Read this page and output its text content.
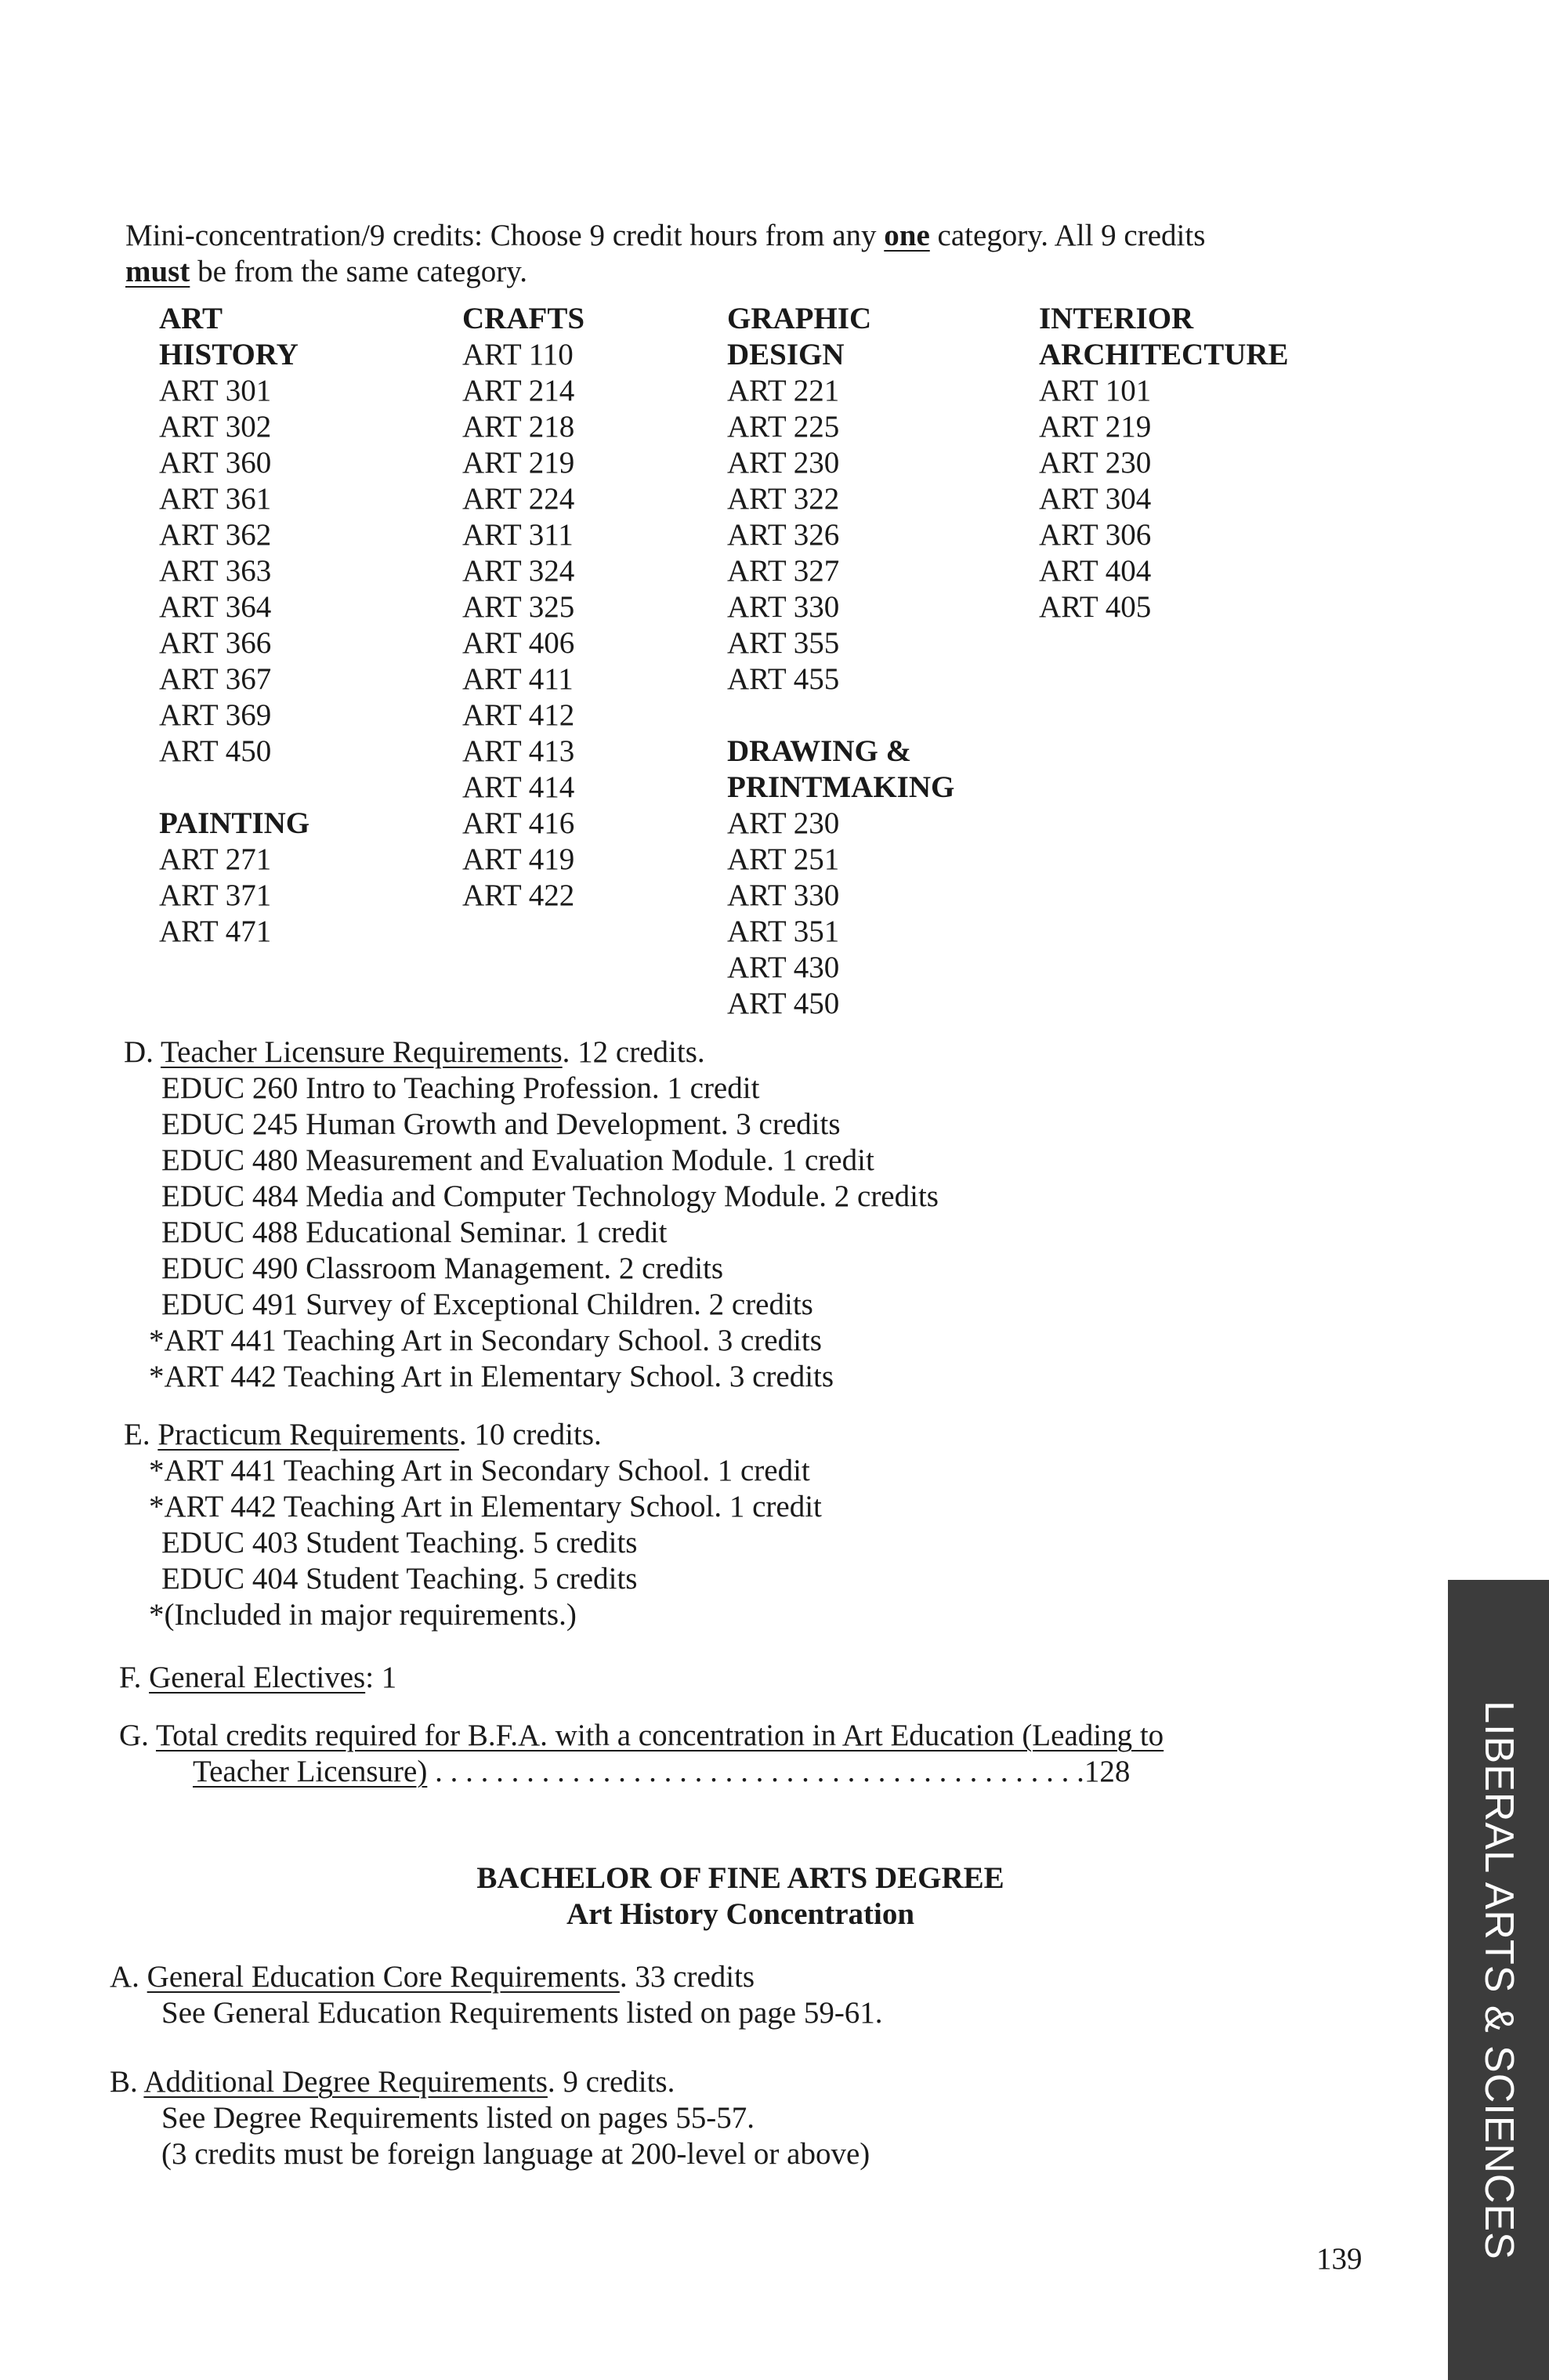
Mini-concentration/9 credits: Choose 9 credit hours from any one category. All 9 credits
must be from the same category.
ART
HISTORY
ART 301
ART 302
ART 360
ART 361
ART 362
ART 363
ART 364
ART 366
ART 367
ART 369
ART 450
PAINTING
ART 271
ART 371
ART 471
CRAFTS
ART 110
ART 214
ART 218
ART 219
ART 224
ART 311
ART 324
ART 325
ART 406
ART 411
ART 412
ART 413
ART 414
ART 416
ART 419
ART 422
GRAPHIC
DESIGN
ART 221
ART 225
ART 230
ART 322
ART 326
ART 327
ART 330
ART 355
ART 455
DRAWING &
PRINTMAKING
ART 230
ART 251
ART 330
ART 351
ART 430
ART 450
INTERIOR
ARCHITECTURE
ART 101
ART 219
ART 230
ART 304
ART 306
ART 404
ART 405
D. Teacher Licensure Requirements. 12 credits.
EDUC 260 Intro to Teaching Profession. 1 credit
EDUC 245 Human Growth and Development. 3 credits
EDUC 480 Measurement and Evaluation Module. 1 credit
EDUC 484 Media and Computer Technology Module. 2 credits
EDUC 488 Educational Seminar. 1 credit
EDUC 490 Classroom Management. 2 credits
EDUC 491 Survey of Exceptional Children. 2 credits
*ART 441 Teaching Art in Secondary School. 3 credits
*ART 442 Teaching Art in Elementary School. 3 credits
E. Practicum Requirements. 10 credits.
*ART 441 Teaching Art in Secondary School. 1 credit
*ART 442 Teaching Art in Elementary School. 1 credit
EDUC 403 Student Teaching. 5 credits
EDUC 404 Student Teaching. 5 credits
*(Included in major requirements.)
F. General Electives: 1
G. Total credits required for B.F.A. with a concentration in Art Education (Leading to
Teacher Licensure) . . . . . . . . . . . . . . . . . . . . . . . . . . . . . . . . . . . . . . . . . . .128
BACHELOR OF FINE ARTS DEGREE
Art History Concentration
A. General Education Core Requirements. 33 credits
See General Education Requirements listed on page 59-61.
B. Additional Degree Requirements. 9 credits.
See Degree Requirements listed on pages 55-57.
(3 credits must be foreign language at 200-level or above)	LIBERAL ARTS & SCIENCES
139
